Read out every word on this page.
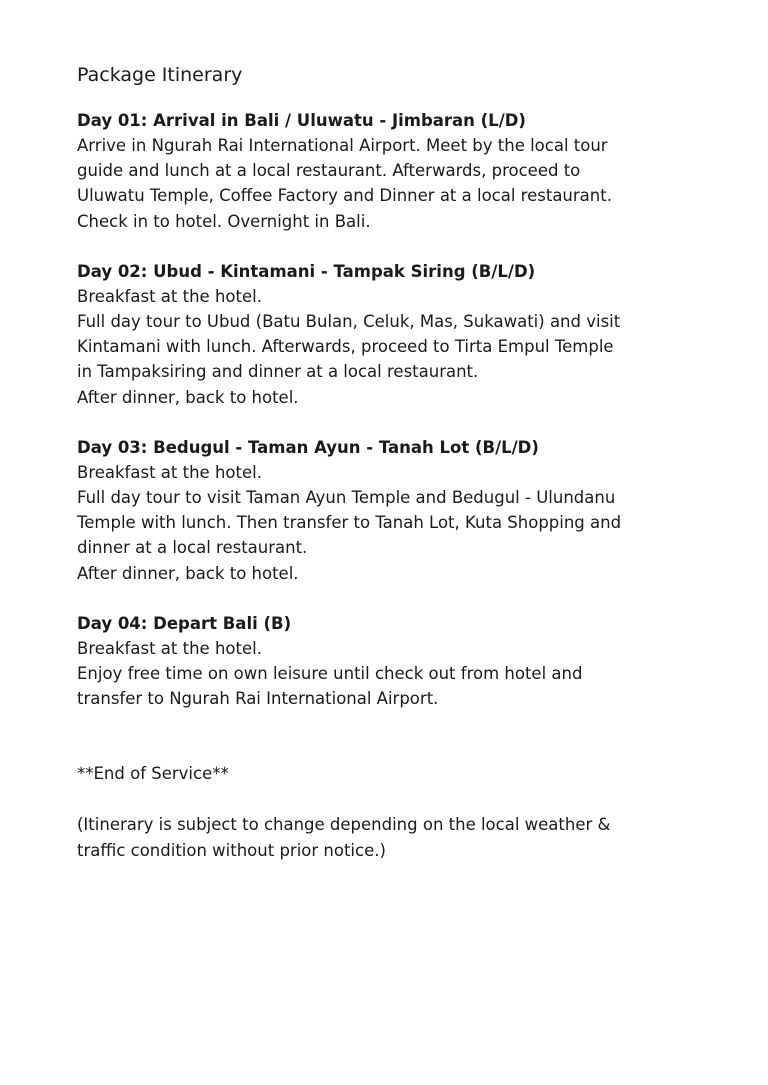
Package Itinerary

Day 01: Arrival in Bali / Uluwatu - Jimbaran (L/D)

Arrive in Ngurah Rai International Airport. Meet by the local tour

guide and lunch at a local restaurant. Afterwards, proceed to

Uluwatu Temple, Coffee Factory and Dinner at a local restaurant.

Check in to hotel. Overnight in Bali.

Day 02: Ubud - Kintamani - Tampak Siring (B/L/D)

Breakfast at the hotel.

Full day tour to Ubud (Batu Bulan, Celuk, Mas, Sukawati) and visit

Kintamani with lunch. Afterwards, proceed to Tirta Empul Temple

in Tampaksiring and dinner at a local restaurant.

After dinner, back to hotel.

Day 03: Bedugul - Taman Ayun - Tanah Lot (B/L/D)

Breakfast at the hotel.

Full day tour to visit Taman Ayun Temple and Bedugul - Ulundanu

Temple with lunch. Then transfer to Tanah Lot, Kuta Shopping and

dinner at a local restaurant.

After dinner, back to hotel.

Day 04: Depart Bali (B)

Breakfast at the hotel.

Enjoy free time on own leisure until check out from hotel and

transfer to Ngurah Rai International Airport.

**End of Service**

(Itinerary is subject to change depending on the local weather &

traffic condition without prior notice.)
